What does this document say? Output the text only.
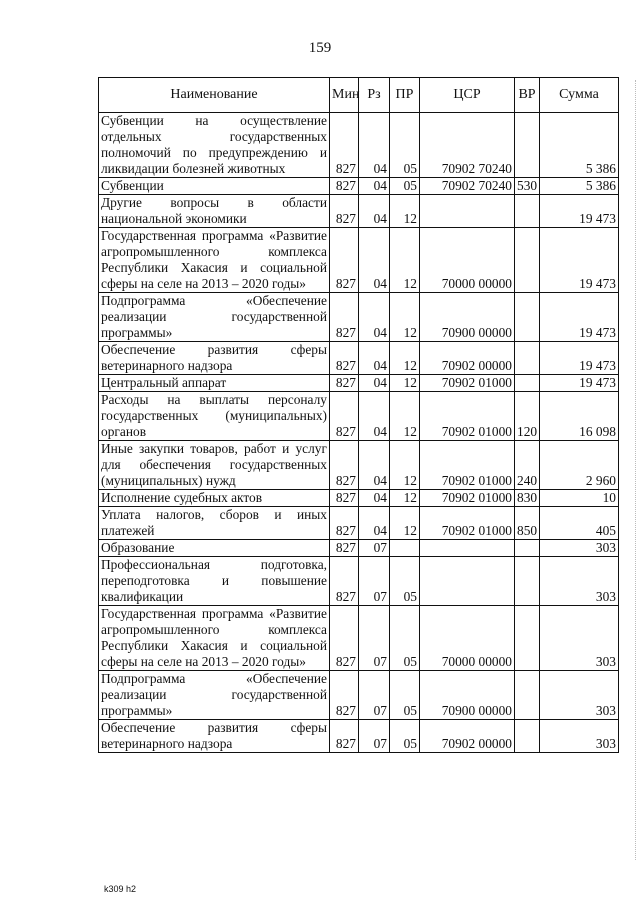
159
Наименование	Мин	Рз	ПР	ЦСР	ВР	Сумма
Субвенции на осуществление отдельных государственных полномочий по предупреждению и ликвидации болезней животных	827	04	05	70902 70240		5 386
Субвенции	827	04	05	70902 70240	530	5 386
Другие вопросы в области национальной экономики	827	04	12			19 473
Государственная программа «Развитие агропромышленного комплекса Республики Хакасия и социальной сферы на селе на 2013 – 2020 годы»	827	04	12	70000 00000		19 473
Подпрограмма «Обеспечение реализации государственной программы»	827	04	12	70900 00000		19 473
Обеспечение развития сферы ветеринарного надзора	827	04	12	70902 00000		19 473
Центральный аппарат	827	04	12	70902 01000		19 473
Расходы на выплаты персоналу государственных (муниципальных) органов	827	04	12	70902 01000	120	16 098
Иные закупки товаров, работ и услуг для обеспечения государственных (муниципальных) нужд	827	04	12	70902 01000	240	2 960
Исполнение судебных актов	827	04	12	70902 01000	830	10
Уплата налогов, сборов и иных платежей	827	04	12	70902 01000	850	405
Образование	827	07				303
Профессиональная подготовка, переподготовка и повышение квалификации	827	07	05			303
Государственная программа «Развитие агропромышленного комплекса Республики Хакасия и социальной сферы на селе на 2013 – 2020 годы»	827	07	05	70000 00000		303
Подпрограмма «Обеспечение реализации государственной программы»	827	07	05	70900 00000		303
Обеспечение развития сферы ветеринарного надзора	827	07	05	70902 00000		303
k309 h2
